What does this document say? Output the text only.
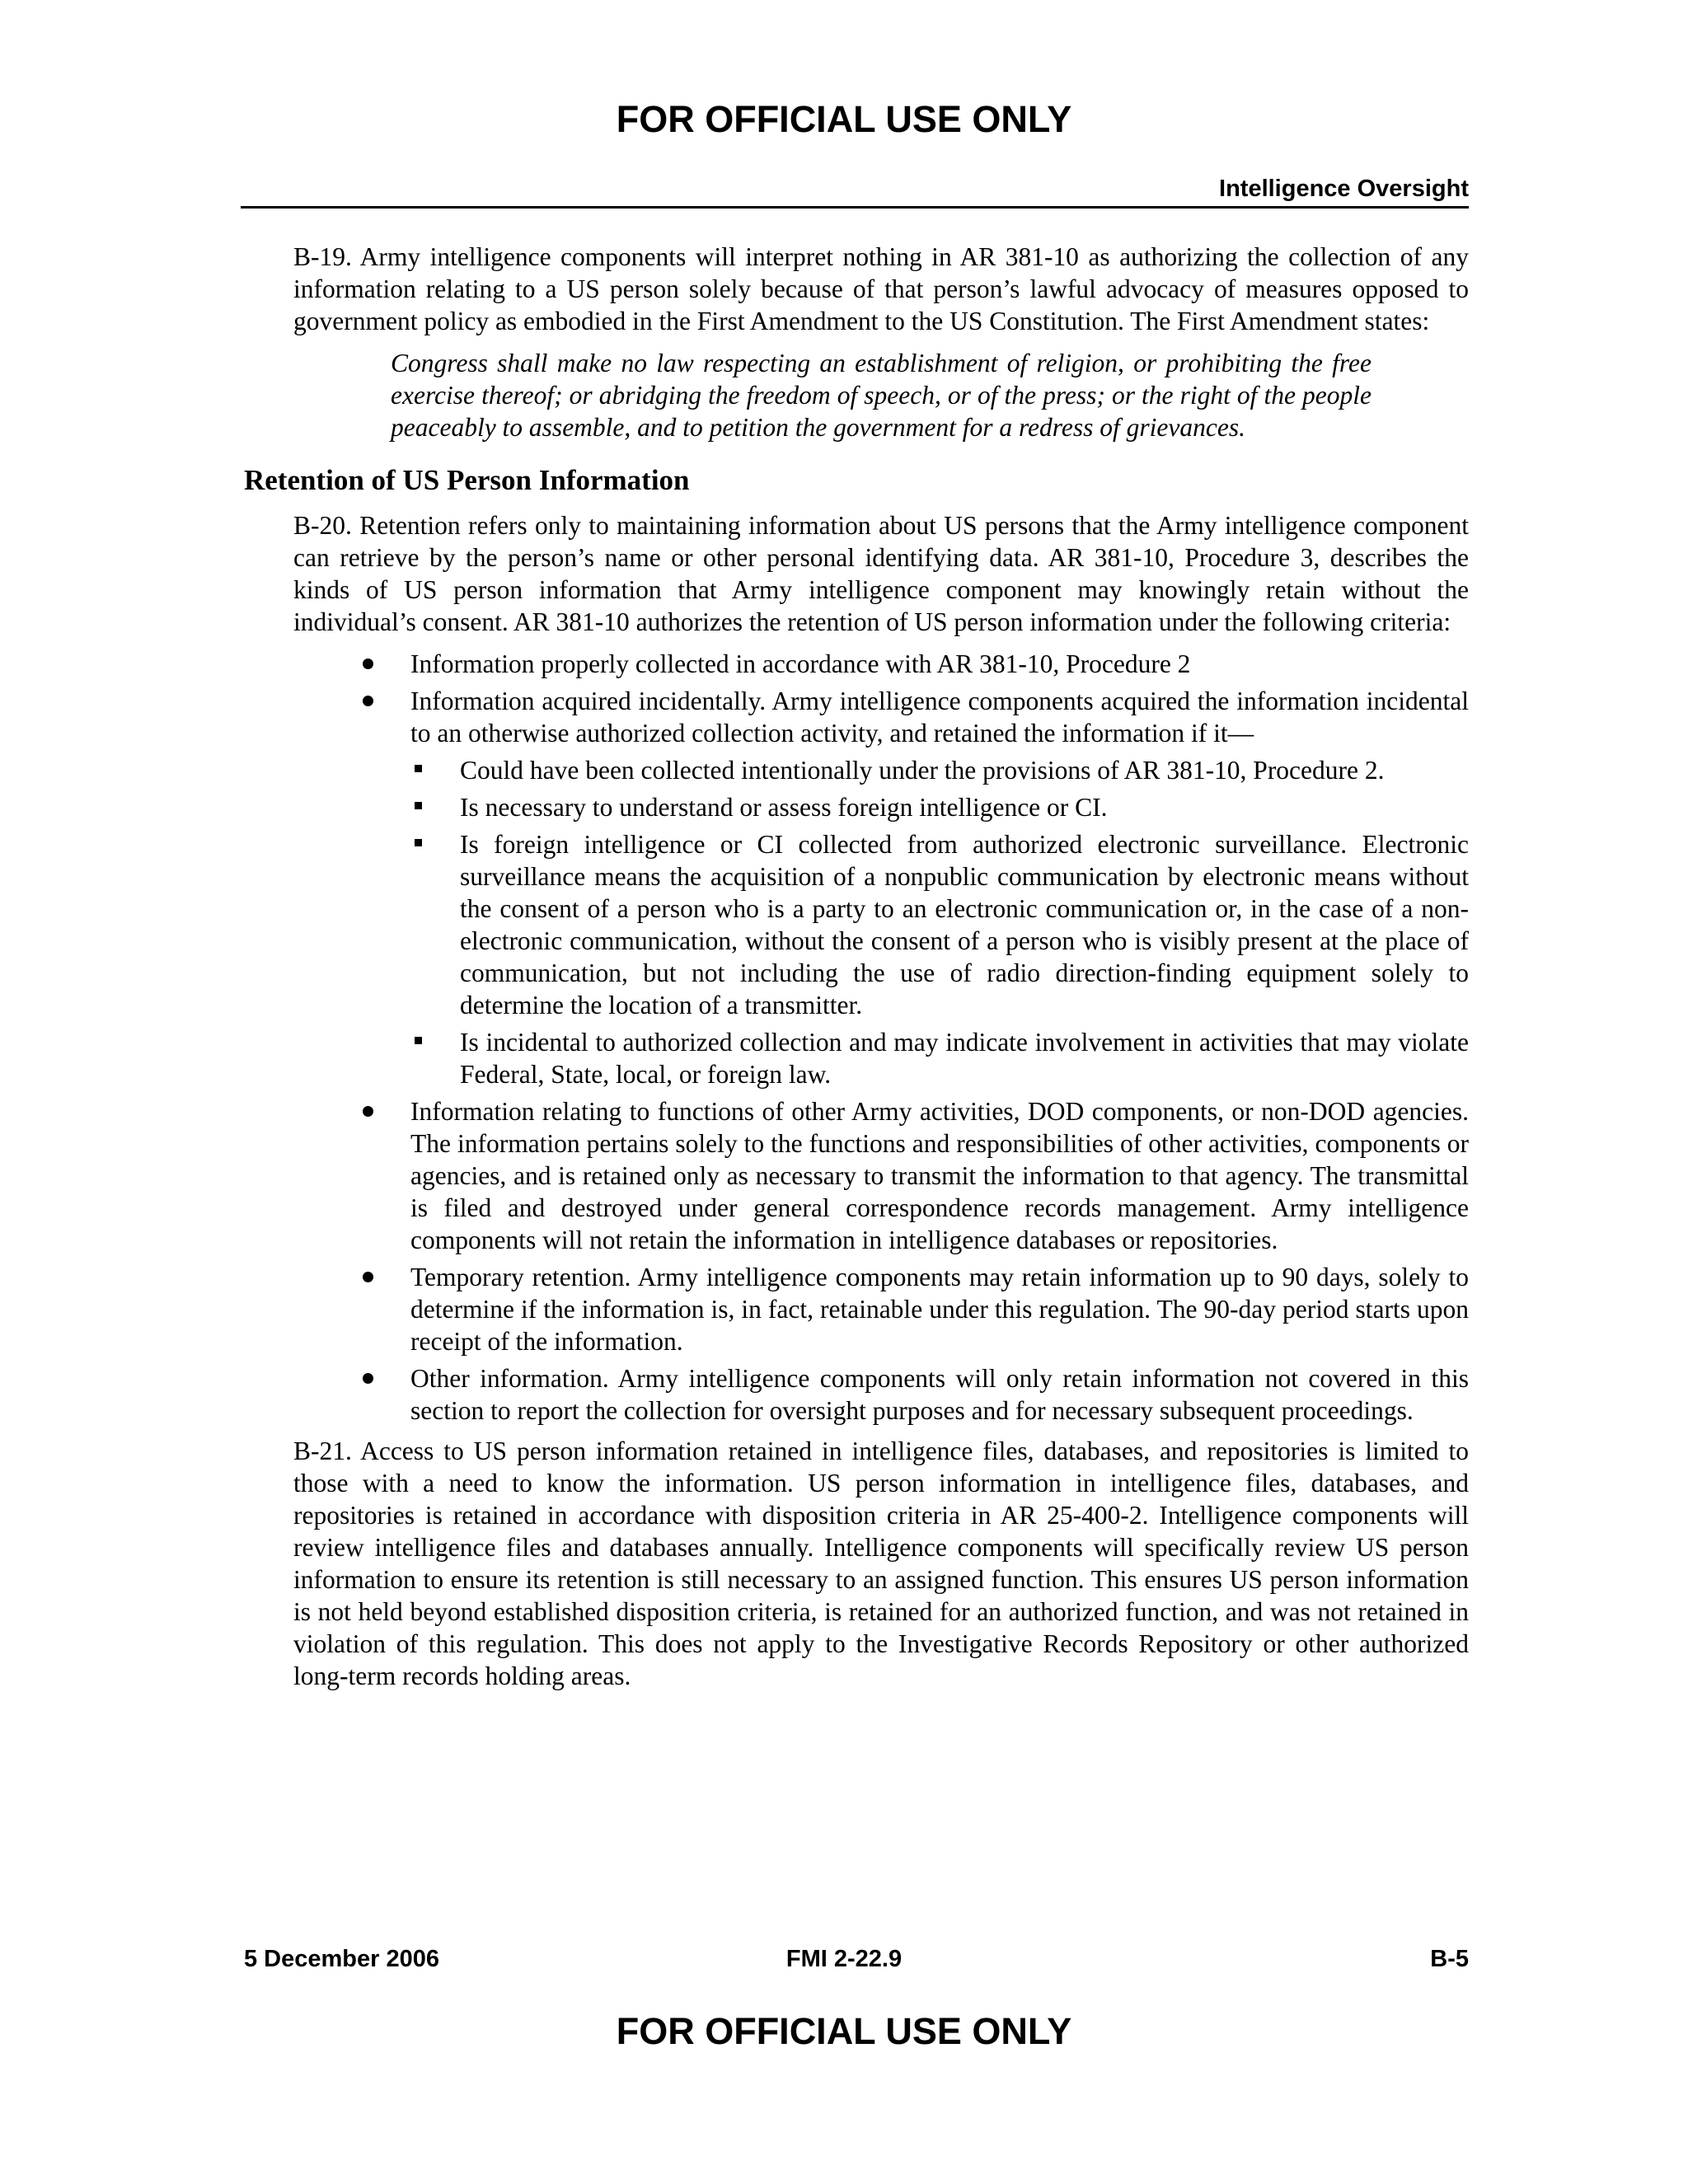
FOR OFFICIAL USE ONLY
Intelligence Oversight

B-19. Army intelligence components will interpret nothing in AR 381-10 as authorizing the collection of any information relating to a US person solely because of that person’s lawful advocacy of measures opposed to government policy as embodied in the First Amendment to the US Constitution. The First Amendment states:

Congress shall make no law respecting an establishment of religion, or prohibiting the free exercise thereof; or abridging the freedom of speech, or of the press; or the right of the people peaceably to assemble, and to petition the government for a redress of grievances.

Retention of US Person Information

B-20. Retention refers only to maintaining information about US persons that the Army intelligence component can retrieve by the person’s name or other personal identifying data. AR 381-10, Procedure 3, describes the kinds of US person information that Army intelligence component may knowingly retain without the individual’s consent. AR 381-10 authorizes the retention of US person information under the following criteria:

Information properly collected in accordance with AR 381-10, Procedure 2
Information acquired incidentally. Army intelligence components acquired the information incidental to an otherwise authorized collection activity, and retained the information if it—
Could have been collected intentionally under the provisions of AR 381-10, Procedure 2.
Is necessary to understand or assess foreign intelligence or CI.
Is foreign intelligence or CI collected from authorized electronic surveillance. Electronic surveillance means the acquisition of a nonpublic communication by electronic means without the consent of a person who is a party to an electronic communication or, in the case of a non-electronic communication, without the consent of a person who is visibly present at the place of communication, but not including the use of radio direction-finding equipment solely to determine the location of a transmitter.
Is incidental to authorized collection and may indicate involvement in activities that may violate Federal, State, local, or foreign law.
Information relating to functions of other Army activities, DOD components, or non-DOD agencies. The information pertains solely to the functions and responsibilities of other activities, components or agencies, and is retained only as necessary to transmit the information to that agency. The transmittal is filed and destroyed under general correspondence records management. Army intelligence components will not retain the information in intelligence databases or repositories.
Temporary retention. Army intelligence components may retain information up to 90 days, solely to determine if the information is, in fact, retainable under this regulation. The 90-day period starts upon receipt of the information.
Other information. Army intelligence components will only retain information not covered in this section to report the collection for oversight purposes and for necessary subsequent proceedings.

B-21. Access to US person information retained in intelligence files, databases, and repositories is limited to those with a need to know the information. US person information in intelligence files, databases, and repositories is retained in accordance with disposition criteria in AR 25-400-2. Intelligence components will review intelligence files and databases annually. Intelligence components will specifically review US person information to ensure its retention is still necessary to an assigned function. This ensures US person information is not held beyond established disposition criteria, is retained for an authorized function, and was not retained in violation of this regulation. This does not apply to the Investigative Records Repository or other authorized long-term records holding areas.

5 December 2006	FMI 2-22.9	B-5
FOR OFFICIAL USE ONLY
